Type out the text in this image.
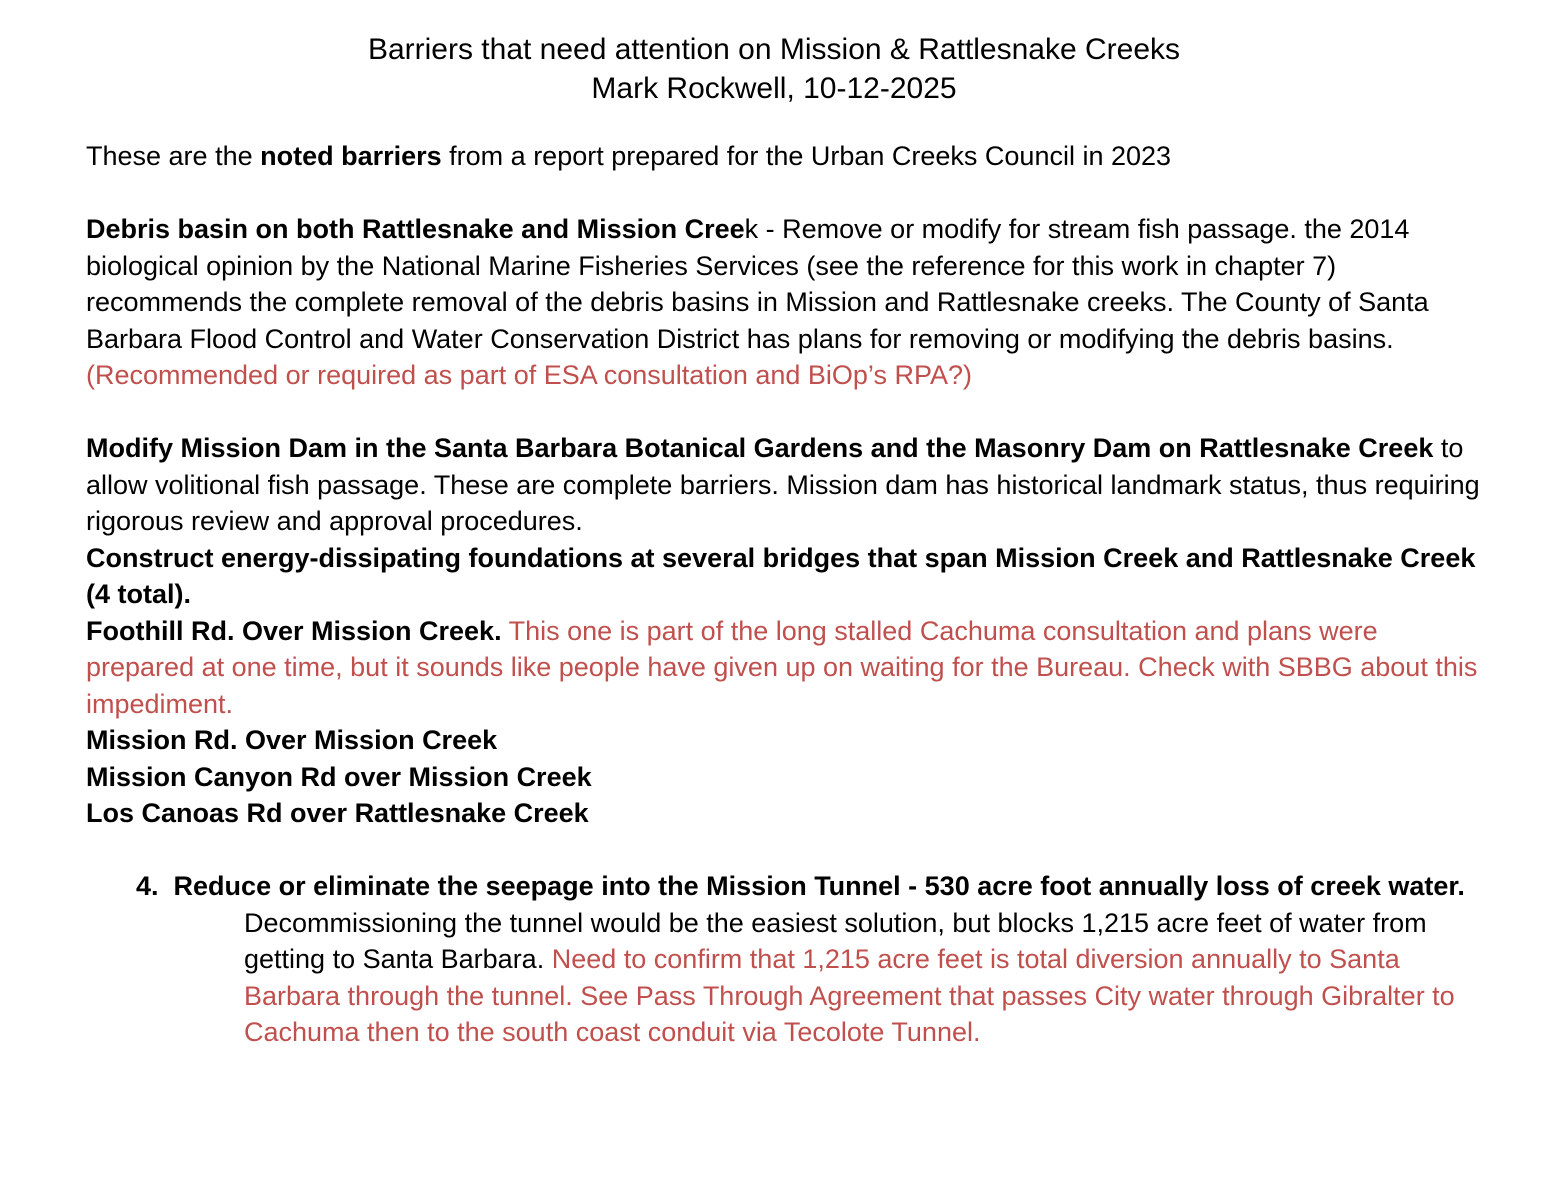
Barriers that need attention on Mission & Rattlesnake Creeks
Mark Rockwell, 10-12-2025

These are the noted barriers from a report prepared for the Urban Creeks Council in 2023

Debris basin on both Rattlesnake and Mission Creek - Remove or modify for stream fish passage. the 2014 biological opinion by the National Marine Fisheries Services (see the reference for this work in chapter 7) recommends the complete removal of the debris basins in Mission and Rattlesnake creeks. The County of Santa Barbara Flood Control and Water Conservation District has plans for removing or modifying the debris basins. (Recommended or required as part of ESA consultation and BiOp’s RPA?)

Modify Mission Dam in the Santa Barbara Botanical Gardens and the Masonry Dam on Rattlesnake Creek to allow volitional fish passage. These are complete barriers. Mission dam has historical landmark status, thus requiring rigorous review and approval procedures.

Construct energy-dissipating foundations at several bridges that span Mission Creek and Rattlesnake Creek (4 total).

Foothill Rd. Over Mission Creek. This one is part of the long stalled Cachuma consultation and plans were prepared at one time, but it sounds like people have given up on waiting for the Bureau. Check with SBBG about this impediment.

Mission Rd. Over Mission Creek

Mission Canyon Rd over Mission Creek

Los Canoas Rd over Rattlesnake Creek

4. Reduce or eliminate the seepage into the Mission Tunnel - 530 acre foot annually loss of creek water. Decommissioning the tunnel would be the easiest solution, but blocks 1,215 acre feet of water from getting to Santa Barbara. Need to confirm that 1,215 acre feet is total diversion annually to Santa Barbara through the tunnel. See Pass Through Agreement that passes City water through Gibralter to Cachuma then to the south coast conduit via Tecolote Tunnel.
